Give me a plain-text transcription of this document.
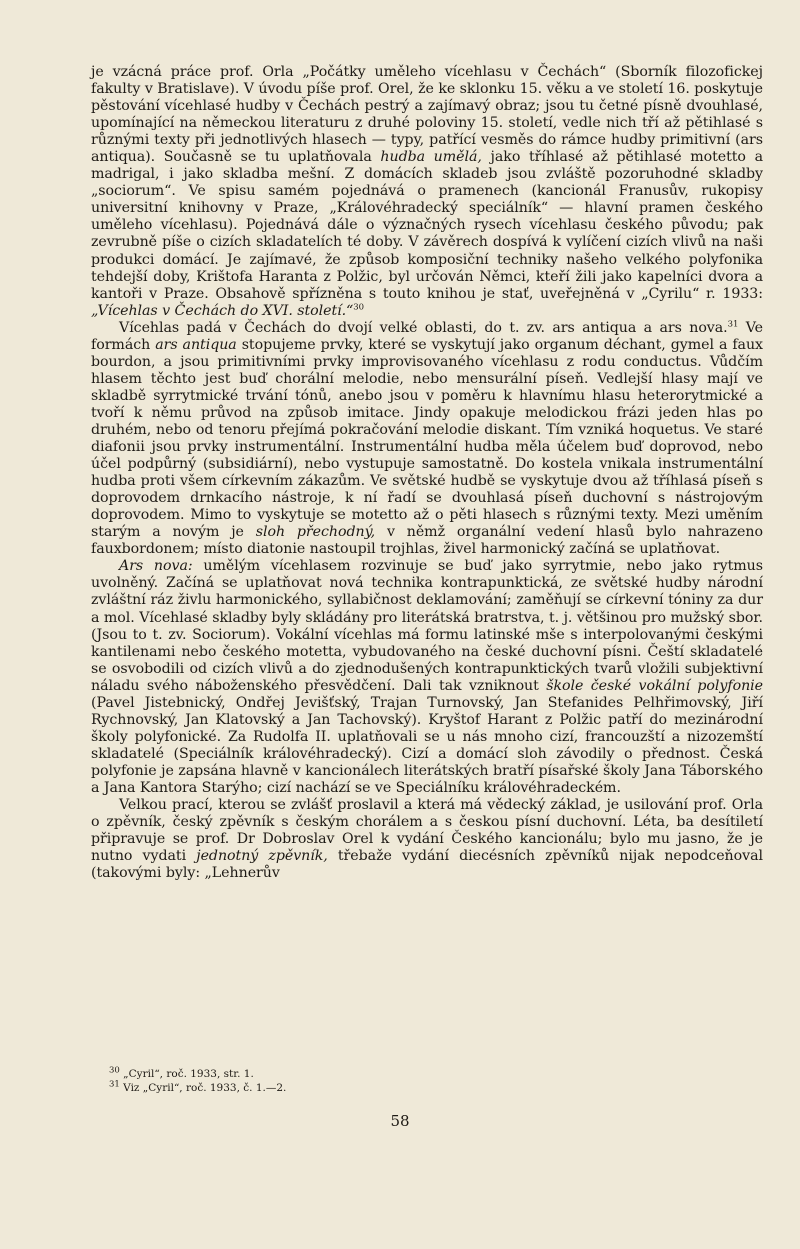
je vzácná práce prof. Orla „Počátky uměleho vícehlasu v Čechách“ (Sborník filozofickej fakulty v Bratislave). V úvodu píše prof. Orel, že ke sklonku 15. věku a ve století 16. poskytuje pěstování vícehlasé hudby v Čechách pestrý a zajímavý obraz; jsou tu četné písně dvouhlasé, upomínající na německou literaturu z druhé poloviny 15. století, vedle nich tří až pětihlasé s různými texty při jednotlivých hlasech — typy, patřící vesměs do rámce hudby primitivní (ars antiqua). Současně se tu uplatňovala hudba umělá, jako tříhlasé až pětihlasé motetto a madrigal, i jako skladba mešní. Z domácích skladeb jsou zvláště pozoruhodné skladby „sociorum“. Ve spisu samém pojednává o pramenech (kancionál Franusův, rukopisy universitní knihovny v Praze, „Královéhradecký speciálník“ — hlavní pramen českého uměleho vícehlasu). Pojednává dále o význačných rysech vícehlasu českého původu; pak zevrubně píše o cizích skladatelích té doby. V závěrech dospívá k vylíčení cizích vlivů na naši produkci domácí. Je zajímavé, že způsob komposiční techniky našeho velkého polyfonika tehdejší doby, Krištofa Haranta z Polžic, byl určován Němci, kteří žili jako kapelníci dvora a kantoři v Praze. Obsahově spřízněna s touto knihou je stať, uveřejněná v „Cyrilu“ r. 1933: „Vícehlas v Čechách do XVI. století.“$^{30}$

Vícehlas padá v Čechách do dvojí velké oblasti, do t. zv. ars antiqua a ars nova.$^{31}$ Ve formách ars antiqua stopujeme prvky, které se vyskytují jako organum déchant, gymel a faux bourdon, a jsou primitivními prvky improvisovaného vícehlasu z rodu conductus. Vůdčím hlasem těchto jest buď chorální melodie, nebo mensurální píseň. Vedlejší hlasy mají ve skladbě syrrytmické trvání tónů, anebo jsou v poměru k hlavnímu hlasu heterorytmické a tvoří k němu průvod na způsob imitace. Jindy opakuje melodickou frázi jeden hlas po druhém, nebo od tenoru přejímá pokračování melodie diskant. Tím vzniká hoquetus. Ve staré diafonii jsou prvky instrumentální. Instrumentální hudba měla účelem buď doprovod, nebo účel podpůrný (subsidiární), nebo vystupuje samostatně. Do kostela vnikala instrumentální hudba proti všem církevním zákazům. Ve světské hudbě se vyskytuje dvou až tříhlasá píseň s doprovodem drnkacího nástroje, k ní řadí se dvouhlasá píseň duchovní s nástrojovým doprovodem. Mimo to vyskytuje se motetto až o pěti hlasech s různými texty. Mezi uměním starým a novým je sloh přechodný, v němž organální vedení hlasů bylo nahrazeno fauxbordonem; místo diatonie nastoupil trojhlas, živel harmonický začíná se uplatňovat.

Ars nova: umělým vícehlasem rozvinuje se buď jako syrrytmie, nebo jako rytmus uvolněný. Začíná se uplatňovat nová technika kontrapunktická, ze světské hudby národní zvláštní ráz živlu harmonického, syllabičnost deklamování; zaměňují se církevní tóniny za dur a mol. Vícehlasé skladby byly skládány pro literátská bratrstva, t. j. většinou pro mužský sbor. (Jsou to t. zv. Sociorum). Vokální vícehlas má formu latinské mše s interpolovanými českými kantilenami nebo českého motetta, vybudovaného na české duchovní písni. Čeští skladatelé se osvobodili od cizích vlivů a do zjednodušených kontrapunktických tvarů vložili subjektivní náladu svého náboženského přesvědčení. Dali tak vzniknout škole české vokální polyfonie (Pavel Jistebnický, Ondřej Jevišťský, Trajan Turnovský, Jan Stefanides Pelhřimovský, Jiří Rychnovský, Jan Klatovský a Jan Tachovský). Kryštof Harant z Polžic patří do mezinárodní školy polyfonické. Za Rudolfa II. uplatňovali se u nás mnoho cizí, francouzští a nizozemští skladatelé (Speciálník královéhradecký). Cizí a domácí sloh závodily o přednost. Česká polyfonie je zapsána hlavně v kancionálech literátských bratří písařské školy Jana Táborského a Jana Kantora Starýho; cizí nachází se ve Speciálníku královéhradeckém.

Velkou prací, kterou se zvlášť proslavil a která má vědecký základ, je usilování prof. Orla o zpěvník, český zpěvník s českým chorálem a s českou písní duchovní. Léta, ba desítiletí připravuje se prof. Dr Dobroslav Orel k vydání Českého kancionálu; bylo mu jasno, že je nutno vydati jednotný zpěvník, třebaže vydání diecésních zpěvníků nijak nepodceňoval (takovými byly: „Lehnerův

$^{30}$ „Cyril“, roč. 1933, str. 1.
$^{31}$ Viz „Cyril“, roč. 1933, č. 1.—2.
58
